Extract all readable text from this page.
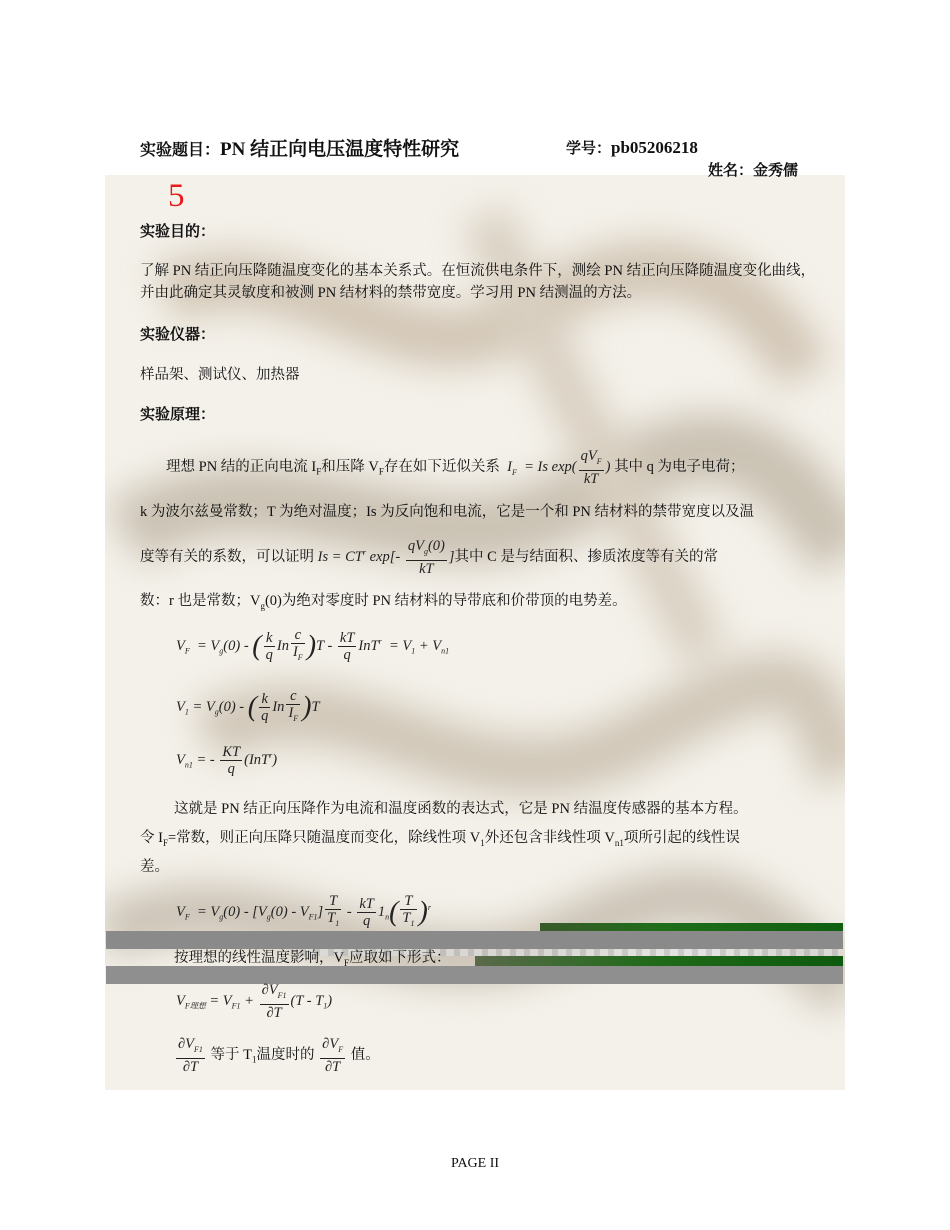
实验题目：PN 结正向电压温度特性研究	学号：pb05206218
姓名：金秀儒
5
实验目的：
了解 PN 结正向压降随温度变化的基本关系式。在恒流供电条件下，测绘 PN 结正向压降随温度变化曲线，并由此确定其灵敏度和被测 PN 结材料的禁带宽度。学习用 PN 结测温的方法。
实验仪器：
样品架、测试仪、加热器
实验原理：
理想 PN 结的正向电流 $I_F$和压降 $V_F$存在如下近似关系  $I_F = Is$ $\exp( \frac{qV_F}{kT}$ ) 其中 q 为电子电荷；
k 为波尔兹曼常数；T 为绝对温度；Is 为反向饱和电流，它是一个和 PN 结材料的禁带宽度以及温
度等有关的系数，可以证明 $Is = CT^r$ $\exp[- \frac{qV_g(0)}{kT}$ ]其中 C 是与结面积、掺质浓度等有关的常
数：r 也是常数；$V_g(0)$为绝对零度时 PN 结材料的导带底和价带顶的电势差。
$V_F = V_g(0)$ - ( $\frac{k}{q}$ In $\frac{c}{I_F} )T - \frac{kT}{q} InT^r = V_1 + V_{n1}$
$V_1 = V_g(0)$ - ( $\frac{k}{q}$ In $\frac{c}{I_F} )T$
$V_{n1}$ = - $\frac{KT}{q} (InT^r)$
这就是 PN 结正向压降作为电流和温度函数的表达式，它是 PN 结温度传感器的基本方程。
令 $I_F=$常数，则正向压降只随温度而变化，除线性项 $V_1$外还包含非线性项 $V_{n1}$项所引起的线性误
差。
$V_F = V_g(0) - [V_g(0) - V_{F1}] \frac{T}{T_1} - \frac{kT}{q} 1_n( \frac{T}{T_1} )^r$
按理想的线性温度影响，$V_F$应取如下形式：
$V_{F理想} = V_{F1} + \frac{\partial V_{F1}}{\partial T} (T - T_1)$
$\frac{\partial V_{F1}}{\partial T}$ 等于 $T_1$温度时的 $\frac{\partial V_F}{\partial T}$ 值。
PAGE II
